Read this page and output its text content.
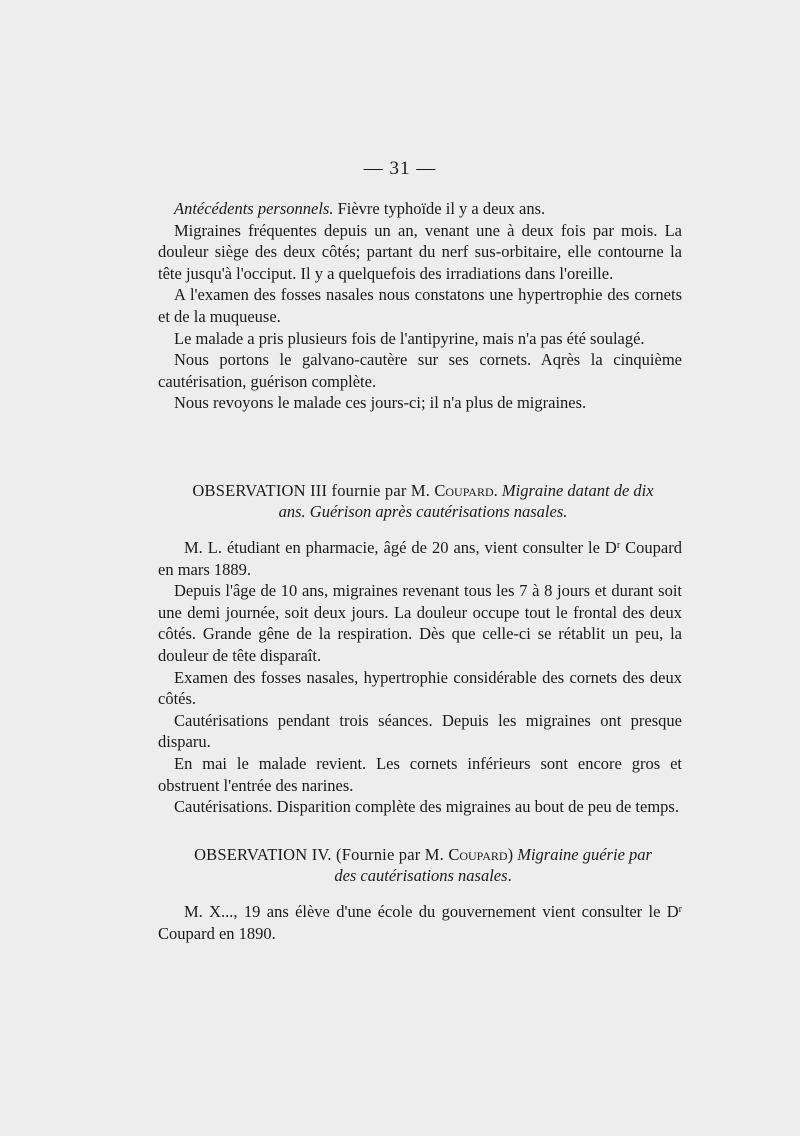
— 31 —

Antécédents personnels. Fièvre typhoïde il y a deux ans.

Migraines fréquentes depuis un an, venant une à deux fois par mois. La douleur siège des deux côtés; partant du nerf sus-orbitaire, elle contourne la tête jusqu'à l'occiput. Il y a quelquefois des irradiations dans l'oreille.

A l'examen des fosses nasales nous constatons une hypertrophie des cornets et de la muqueuse.

Le malade a pris plusieurs fois de l'antipyrine, mais n'a pas été soulagé.

Nous portons le galvano-cautère sur ses cornets. Aqrès la cinquième cautérisation, guérison complète.

Nous revoyons le malade ces jours-ci; il n'a plus de migraines.

OBSERVATION III fournie par M. Coupard. Migraine datant de dix
ans. Guérison après cautérisations nasales.

M. L. étudiant en pharmacie, âgé de 20 ans, vient consulter le $D^r$ Coupard en mars 1889.

Depuis l'âge de 10 ans, migraines revenant tous les 7 à 8 jours et durant soit une demi journée, soit deux jours. La douleur occupe tout le frontal des deux côtés. Grande gêne de la respiration. Dès que celle-ci se rétablit un peu, la douleur de tête disparaît.

Examen des fosses nasales, hypertrophie considérable des cornets des deux côtés.

Cautérisations pendant trois séances. Depuis les migraines ont presque disparu.

En mai le malade revient. Les cornets inférieurs sont encore gros et obstruent l'entrée des narines.

Cautérisations. Disparition complète des migraines au bout de peu de temps.

OBSERVATION IV. (Fournie par M. Coupard) Migraine guérie par
des cautérisations nasales.

M. X..., 19 ans élève d'une école du gouvernement vient consulter le $D^r$ Coupard en 1890.
